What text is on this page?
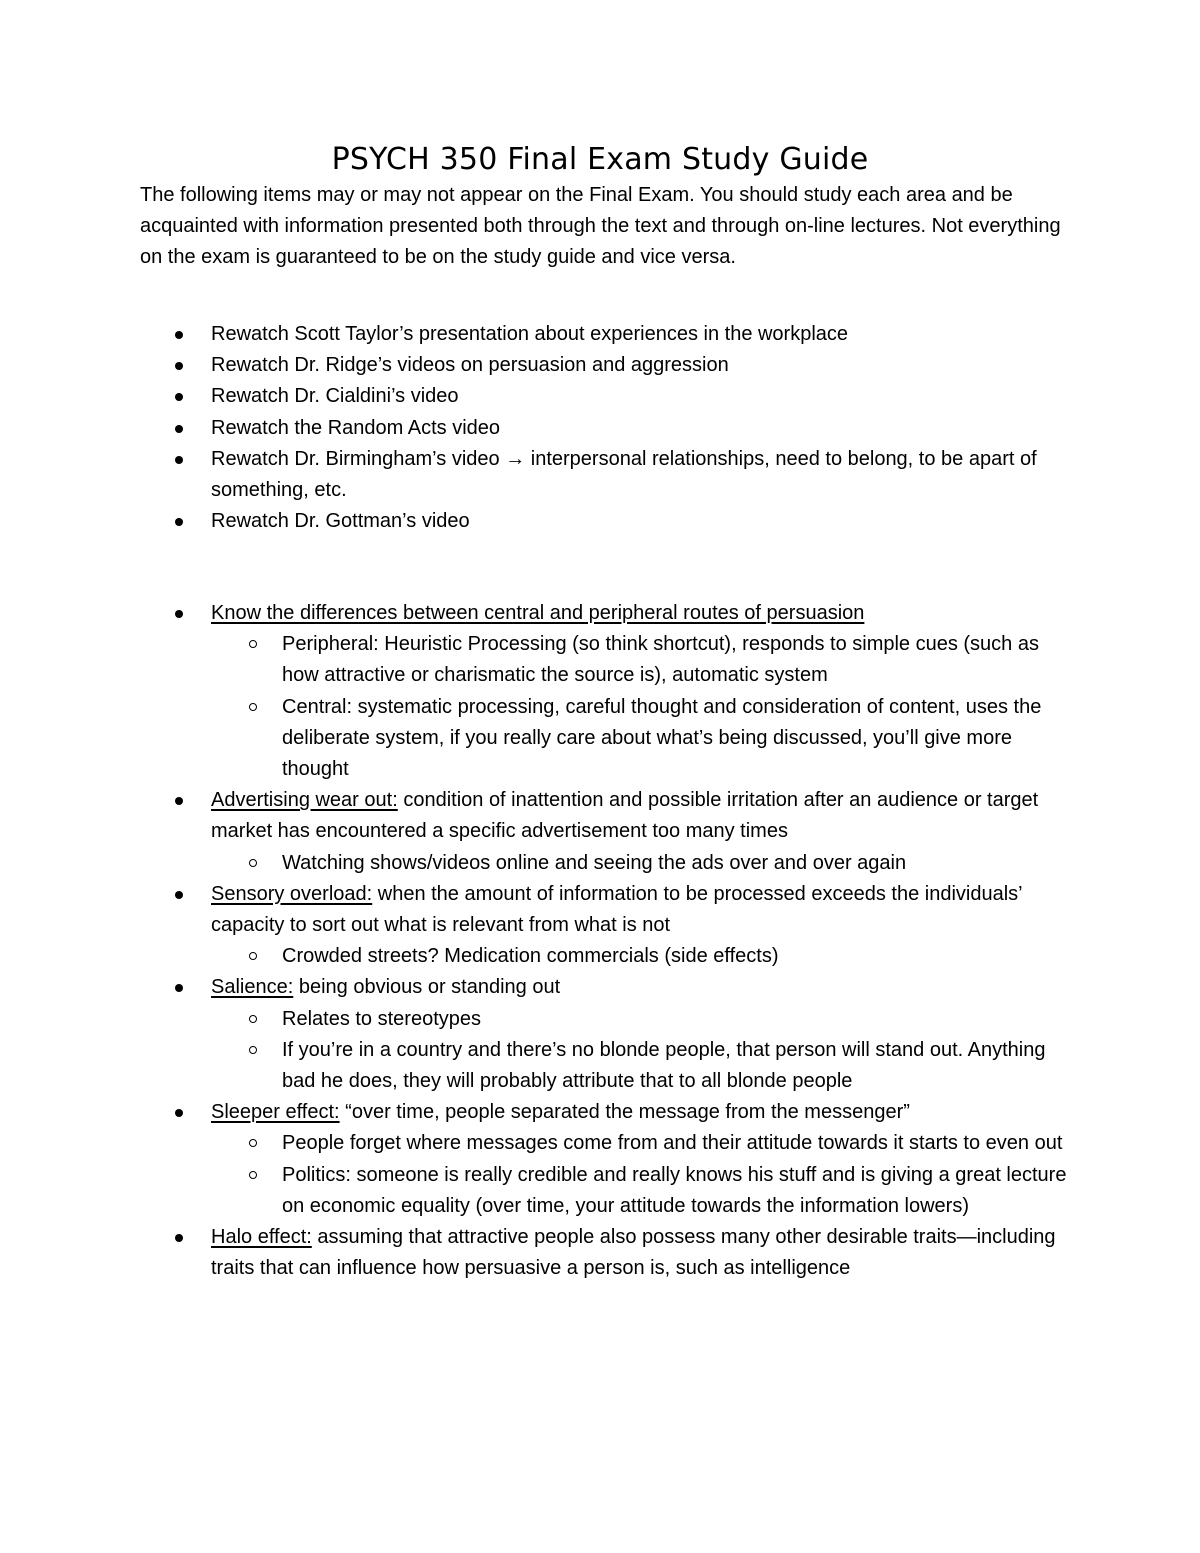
PSYCH 350 Final Exam Study Guide

The following items may or may not appear on the Final Exam. You should study each area and be acquainted with information presented both through the text and through on-line lectures. Not everything on the exam is guaranteed to be on the study guide and vice versa.

Rewatch Scott Taylor’s presentation about experiences in the workplace
Rewatch Dr. Ridge’s videos on persuasion and aggression
Rewatch Dr. Cialdini’s video
Rewatch the Random Acts video
Rewatch Dr. Birmingham’s video → interpersonal relationships, need to belong, to be apart of something, etc.
Rewatch Dr. Gottman’s video
Know the differences between central and peripheral routes of persuasion
Peripheral: Heuristic Processing (so think shortcut), responds to simple cues (such as how attractive or charismatic the source is), automatic system
Central: systematic processing, careful thought and consideration of content, uses the deliberate system, if you really care about what’s being discussed, you’ll give more thought
Advertising wear out: condition of inattention and possible irritation after an audience or target market has encountered a specific advertisement too many times
Watching shows/videos online and seeing the ads over and over again
Sensory overload: when the amount of information to be processed exceeds the individuals’ capacity to sort out what is relevant from what is not
Crowded streets? Medication commercials (side effects)
Salience: being obvious or standing out
Relates to stereotypes
If you’re in a country and there’s no blonde people, that person will stand out. Anything bad he does, they will probably attribute that to all blonde people
Sleeper effect: “over time, people separated the message from the messenger”
People forget where messages come from and their attitude towards it starts to even out
Politics: someone is really credible and really knows his stuff and is giving a great lecture on economic equality (over time, your attitude towards the information lowers)
Halo effect: assuming that attractive people also possess many other desirable traits—including traits that can influence how persuasive a person is, such as intelligence
